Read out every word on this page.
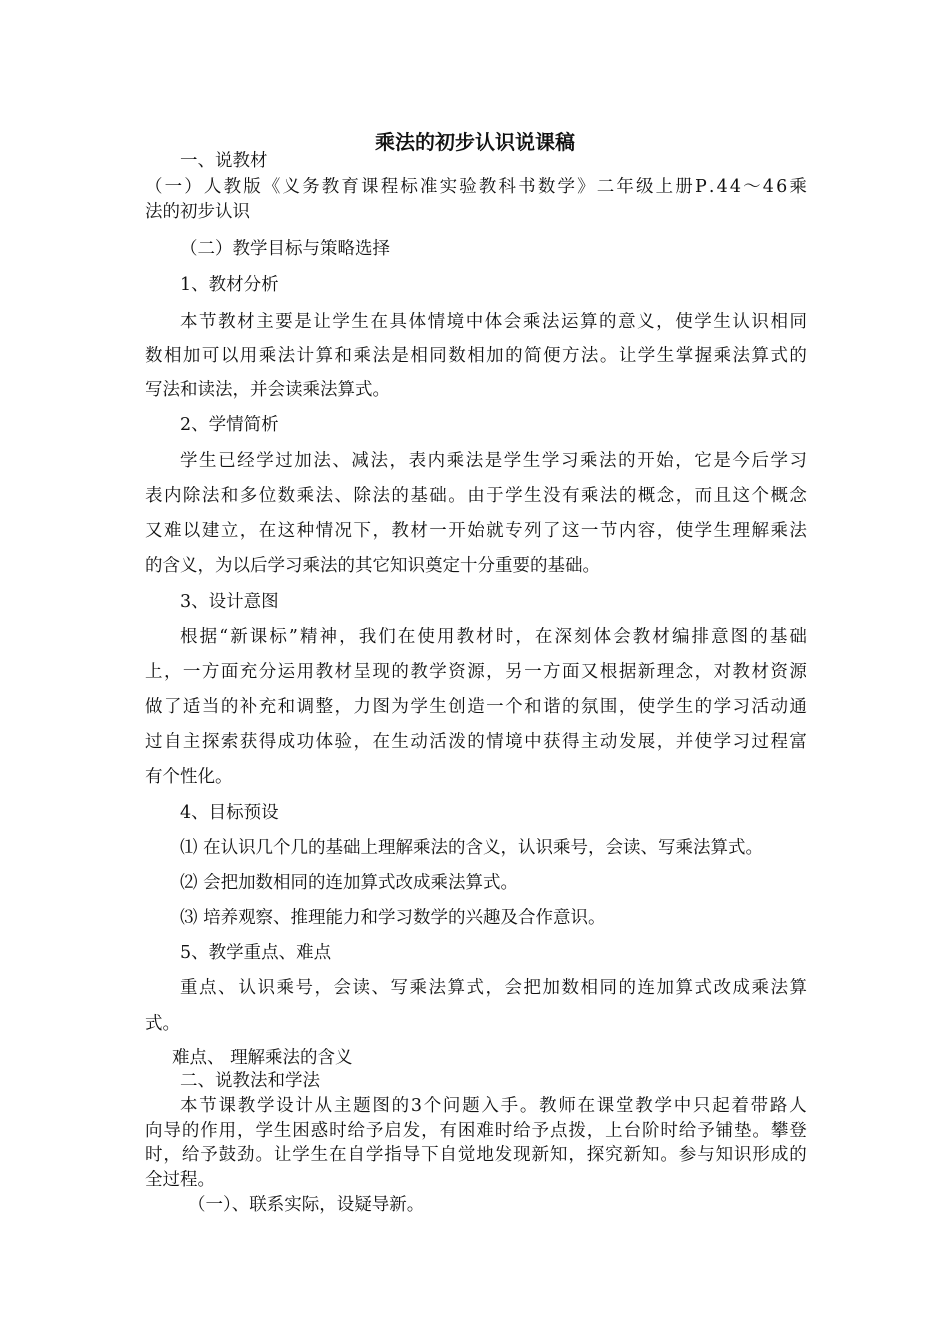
乘法的初步认识说课稿
一、说教材
（ 一 ） 人 教 版 《 义 务 教 育 课 程 标 准 实 验 教 科 书 数 学 》 二 年 级 上 册 P . 4 4 ～ 4 6 乘
法的初步认识
（二）教学目标与策略选择
1、教材分析
本 节 教 材 主 要 是 让 学 生 在 具 体 情 境 中 体 会 乘 法 运 算 的 意 义 ， 使 学 生 认 识 相 同
数 相 加 可 以 用 乘 法 计 算 和 乘 法 是 相 同 数 相 加 的 简 便 方 法 。 让 学 生 掌 握 乘 法 算 式 的
写法和读法，并会读乘法算式。
2、学情简析
学 生 已 经 学 过 加 法 、 减 法 ， 表 内 乘 法 是 学 生 学 习 乘 法 的 开 始 ， 它 是 今 后 学 习
表 内 除 法 和 多 位 数 乘 法 、 除 法 的 基 础 。 由 于 学 生 没 有 乘 法 的 概 念 ， 而 且 这 个 概 念
又 难 以 建 立 ， 在 这 种 情 况 下 ， 教 材 一 开 始 就 专 列 了 这 一 节 内 容 ， 使 学 生 理 解 乘 法
的含义，为以后学习乘法的其它知识奠定十分重要的基础。
3、设计意图
根 据 “ 新 课 标 ” 精 神 ， 我 们 在 使 用 教 材 时 ， 在 深 刻 体 会 教 材 编 排 意 图 的 基 础
上 ， 一 方 面 充 分 运 用 教 材 呈 现 的 教 学 资 源 ， 另 一 方 面 又 根 据 新 理 念 ， 对 教 材 资 源
做 了 适 当 的 补 充 和 调 整 ， 力 图 为 学 生 创 造 一 个 和 谐 的 氛 围 ， 使 学 生 的 学 习 活 动 通
过 自 主 探 索 获 得 成 功 体 验 ， 在 生 动 活 泼 的 情 境 中 获 得 主 动 发 展 ， 并 使 学 习 过 程 富
有个性化。
4、目标预设
⑴ 在认识几个几的基础上理解乘法的含义，认识乘号，会读、写乘法算式。
⑵ 会把加数相同的连加算式改成乘法算式。
⑶ 培养观察、推理能力和学习数学的兴趣及合作意识。
5、教学重点、难点
重 点 、 认 识 乘 号 ， 会 读 、 写 乘 法 算 式 ， 会 把 加 数 相 同 的 连 加 算 式 改 成 乘 法 算
式。
难点、 理解乘法的含义
二、说教法和学法
本 节 课 教 学 设 计 从 主 题 图 的 3 个 问 题 入 手 。 教 师 在 课 堂 教 学 中 只 起 着 带 路 人
向 导 的 作 用 ， 学 生 困 惑 时 给 予 启 发 ， 有 困 难 时 给 予 点 拨 ， 上 台 阶 时 给 予 铺 垫 。 攀 登
时 ， 给 予 鼓 劲 。 让 学 生 在 自 学 指 导 下 自 觉 地 发 现 新 知 ， 探 究 新 知 。 参 与 知 识 形 成 的
全过程。
（一）、联系实际，设疑导新。
